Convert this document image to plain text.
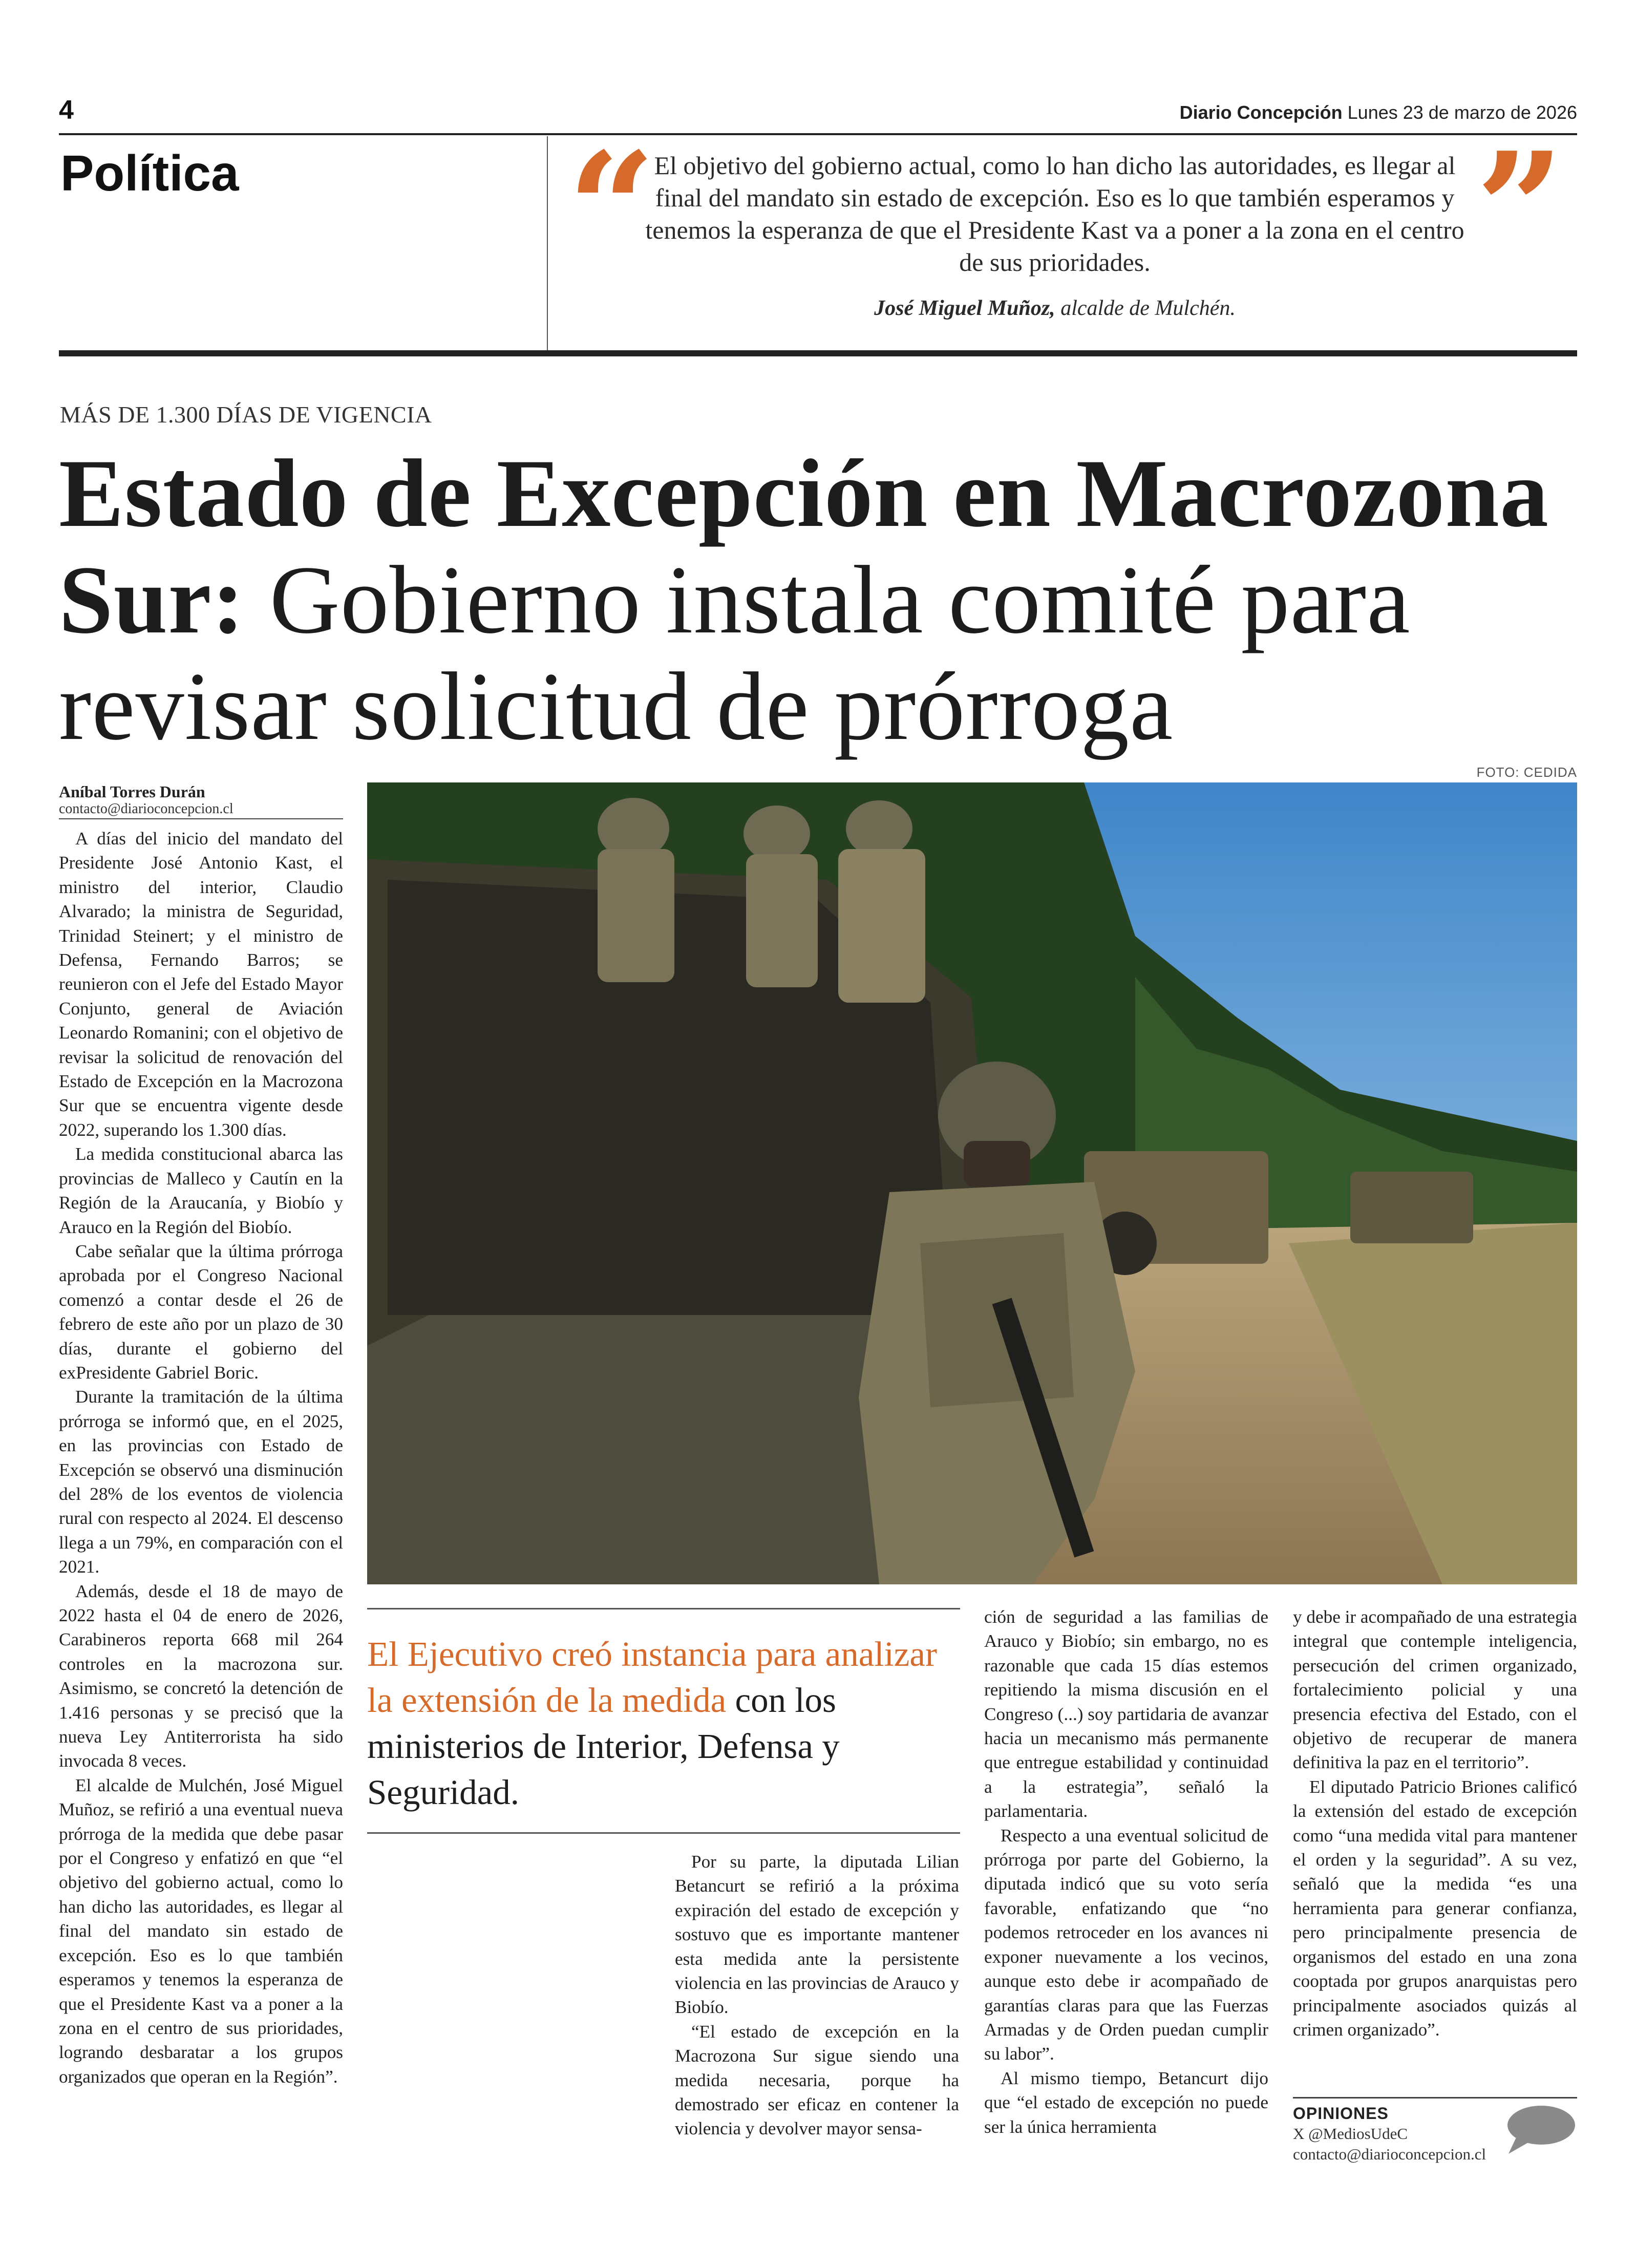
4	Diario Concepción Lunes 23 de marzo de 2026
Política “
El objetivo del gobierno actual, como lo han dicho las autoridades, es llegar al final del mandato sin estado de excepción. Eso es lo que también esperamos y tenemos la esperanza de que el Presidente Kast va a poner a la zona en el centro de sus prioridades.	”
José Miguel Muñoz, alcalde de Mulchén.
MÁS DE 1.300 DÍAS DE VIGENCIA
Estado de Excepción en Macrozona Sur: Gobierno instala comité para revisar solicitud de prórroga
FOTO: CEDIDA
Aníbal Torres Durán
contacto@diarioconcepcion.cl

A días del inicio del mandato del Presidente José Antonio Kast, el ministro del interior, Claudio Alvarado; la ministra de Seguridad, Trinidad Steinert; y el ministro de Defensa, Fernando Barros; se reunieron con el Jefe del Estado Mayor Conjunto, general de Aviación Leonardo Romanini; con el objetivo de revisar la solicitud de renovación del Estado de Excepción en la Macrozona Sur que se encuentra vigente desde 2022, superando los 1.300 días.

La medida constitucional abarca las provincias de Malleco y Cautín en la Región de la Araucanía, y Biobío y Arauco en la Región del Biobío.

Cabe señalar que la última prórroga aprobada por el Congreso Nacional comenzó a contar desde el 26 de febrero de este año por un plazo de 30 días, durante el gobierno del exPresidente Gabriel Boric.

Durante la tramitación de la última prórroga se informó que, en el 2025, en las provincias con Estado de Excepción se observó una disminución del 28% de los eventos de violencia rural con respecto al 2024. El descenso llega a un 79%, en comparación con el 2021.

Además, desde el 18 de mayo de 2022 hasta el 04 de enero de 2026, Carabineros reporta 668 mil 264 controles en la macrozona sur. Asimismo, se concretó la detención de 1.416 personas y se precisó que la nueva Ley Antiterrorista ha sido invocada 8 veces.

El alcalde de Mulchén, José Miguel Muñoz, se refirió a una eventual nueva prórroga de la medida que debe pasar por el Congreso y enfatizó en que “el objetivo del gobierno actual, como lo han dicho las autoridades, es llegar al final del mandato sin estado de excepción. Eso es lo que también esperamos y tenemos la esperanza de que el Presidente Kast va a poner a la zona en el centro de sus prioridades, logrando desbaratar a los grupos organizados que operan en la Región”.

El Ejecutivo creó instancia para analizar la extensión de la medida con los ministerios de Interior, Defensa y Seguridad.

Por su parte, la diputada Lilian Betancurt se refirió a la próxima expiración del estado de excepción y sostuvo que es importante mantener esta medida ante la persistente violencia en las provincias de Arauco y Biobío.

“El estado de excepción en la Macrozona Sur sigue siendo una medida necesaria, porque ha demostrado ser eficaz en contener la violencia y devolver mayor sensa-

ción de seguridad a las familias de Arauco y Biobío; sin embargo, no es razonable que cada 15 días estemos repitiendo la misma discusión en el Congreso (...) soy partidaria de avanzar hacia un mecanismo más permanente que entregue estabilidad y continuidad a la estrategia”, señaló la parlamentaria.

Respecto a una eventual solicitud de prórroga por parte del Gobierno, la diputada indicó que su voto sería favorable, enfatizando que “no podemos retroceder en los avances ni exponer nuevamente a los vecinos, aunque esto debe ir acompañado de garantías claras para que las Fuerzas Armadas y de Orden puedan cumplir su labor”.

Al mismo tiempo, Betancurt dijo que “el estado de excepción no puede ser la única herramienta

y debe ir acompañado de una estrategia integral que contemple inteligencia, persecución del crimen organizado, fortalecimiento policial y una presencia efectiva del Estado, con el objetivo de recuperar de manera definitiva la paz en el territorio”.

El diputado Patricio Briones calificó la extensión del estado de excepción como “una medida vital para mantener el orden y la seguridad”. A su vez, señaló que la medida “es una herramienta para generar confianza, pero principalmente presencia de organismos del estado en una zona cooptada por grupos anarquistas pero principalmente asociados quizás al crimen organizado”.

OPINIONES
X @MediosUdeC
contacto@diarioconcepcion.cl
